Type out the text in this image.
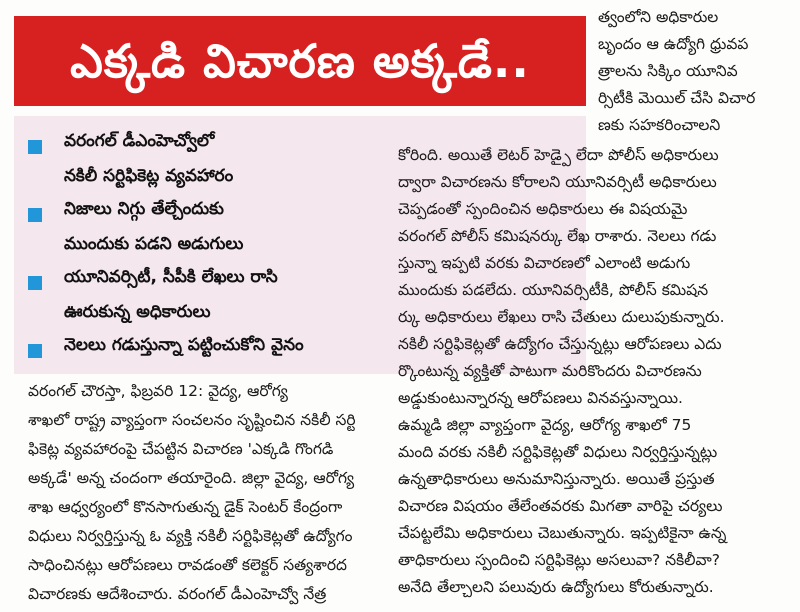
ఎక్కడి విచారణ అక్కడే..
వరంగల్ డీఎంహెచ్వోలో
నకిలీ సర్టిఫికెట్ల వ్యవహారం
నిజాలు నిగ్గు తేల్చేందుకు
ముందుకు పడని అడుగులు
యూనివర్సిటీ, సీపీకి లేఖలు రాసి
ఊరుకున్న అధికారులు
నెలలు గడుస్తున్నా పట్టించుకోని వైనం
వరంగల్ చౌరస్తా, ఫిబ్రవరి 12: వైద్య, ఆరోగ్య
శాఖలో రాష్ట్ర వ్యాప్తంగా సంచలనం సృష్టించిన నకిలీ సర్టి
ఫికెట్ల వ్యవహారంపై చేపట్టిన విచారణ 'ఎక్కడి గొంగడి
అక్కడే' అన్న చందంగా తయారైంది. జిల్లా వైద్య, ఆరోగ్య
శాఖ ఆధ్వర్యంలో కొనసాగుతున్న డైక్ సెంటర్ కేంద్రంగా
విధులు నిర్వర్తిస్తున్న ఓ వ్యక్తి నకిలీ సర్టిఫికెట్లతో ఉద్యోగం
సాధించినట్లు ఆరోపణలు రావడంతో కలెక్టర్ సత్యశారద
విచారణకు ఆదేశించారు. వరంగల్ డీఎంహెచ్వో నేత్ర
త్వంలోని అధికారుల
బృందం ఆ ఉద్యోగి ధ్రువప
త్రాలను సిక్కిం యూనివ
ర్సిటీకి మెయిల్ చేసి విచార
ణకు సహకరించాలని
కోరింది. అయితే లెటర్ హెడ్పై లేదా పోలీస్ అధికారులు
ద్వారా విచారణను కోరాలని యూనివర్సిటీ అధికారులు
చెప్పడంతో స్పందించిన అధికారులు ఈ విషయమై
వరంగల్ పోలీస్ కమిషనర్కు లేఖ రాశారు. నెలలు గడు
స్తున్నా ఇప్పటి వరకు విచారణలో ఎలాంటి అడుగు
ముందుకు పడలేదు. యూనివర్సిటీకి, పోలీస్ కమిషన
ర్కు అధికారులు లేఖలు రాసి చేతులు దులుపుకున్నారు.
నకిలీ సర్టిఫికెట్లతో ఉద్యోగం చేస్తున్నట్లు ఆరోపణలు ఎదు
ర్కొంటున్న వ్యక్తితో పాటుగా మరికొందరు విచారణను
అడ్డుకుంటున్నారన్న ఆరోపణలు వినవస్తున్నాయి.
ఉమ్మడి జిల్లా వ్యాప్తంగా వైద్య, ఆరోగ్య శాఖలో 75
మంది వరకు నకిలీ సర్టిఫికెట్లతో విధులు నిర్వర్తిస్తున్నట్లు
ఉన్నతాధికారులు అనుమానిస్తున్నారు. అయితే ప్రస్తుత
విచారణ విషయం తేలేంతవరకు మిగతా వారిపై చర్యలు
చేపట్టలేమి అధికారులు చెబుతున్నారు. ఇప్పటికైనా ఉన్న
తాధికారులు స్పందించి సర్టిఫికెట్లు అసలువా? నకిలీవా?
అనేది తేల్చాలని పలువురు ఉద్యోగులు కోరుతున్నారు.
